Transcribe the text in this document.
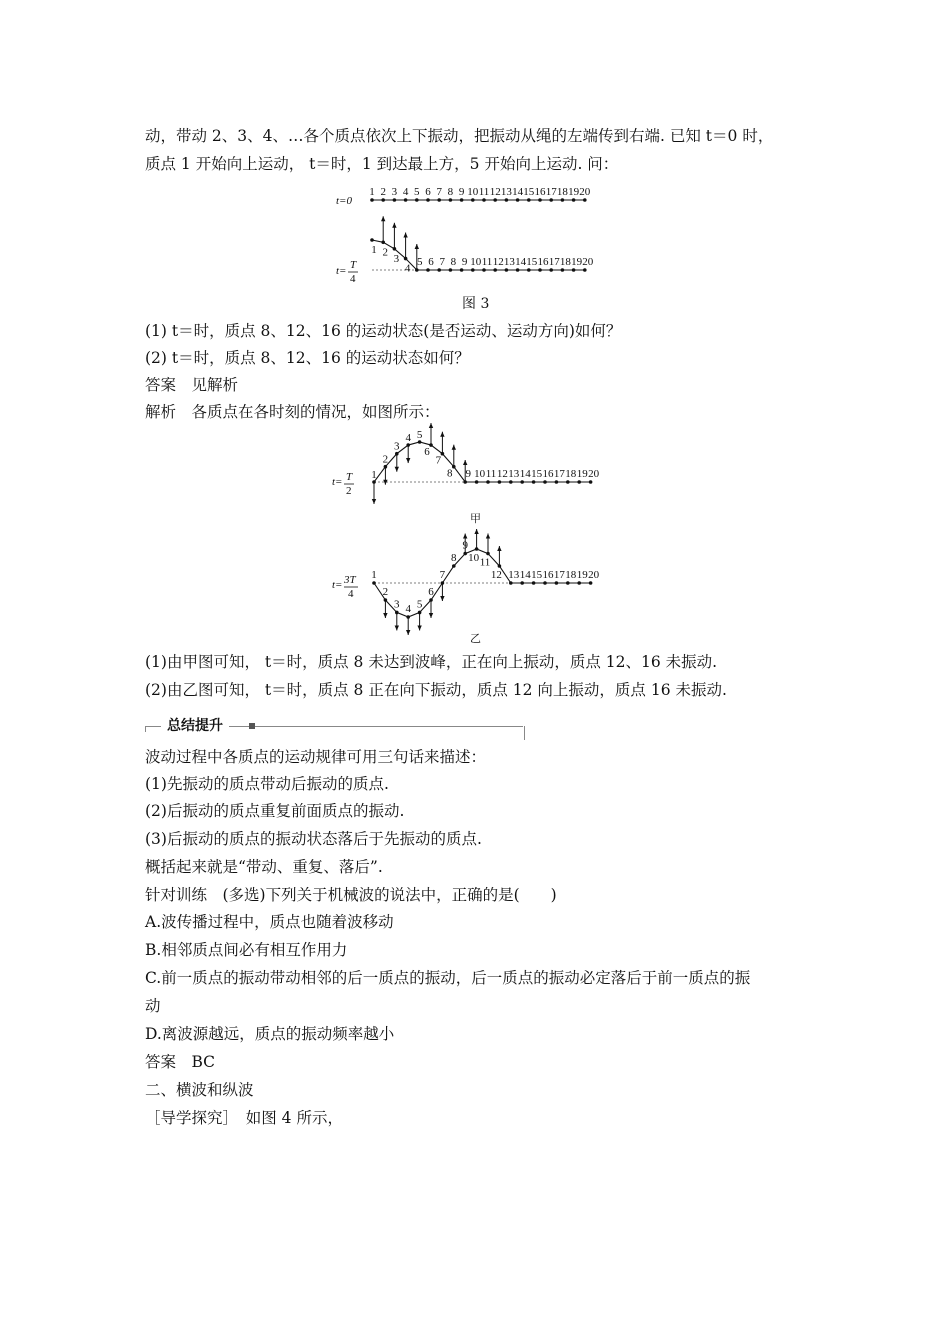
动，带动 2、3、4、…各个质点依次上下振动，把振动从绳的左端传到右端. 已知 t＝0 时，
质点 1 开始向上运动， t＝时，1 到达最上方，5 开始向上运动. 问：
t=0
t= T
4
1 2 3 4 5 6 7 8 9 10 11 12 13 14 15 16 17 18 19 20
1 2
3
4
5 6 7 8 9 10 11 12 13 14 15 16 17 18 19 20
图 3
(1) t＝时，质点 8、12、16 的运动状态(是否运动、运动方向)如何？
(2) t＝时，质点 8、12、16 的运动状态如何？
答案　见解析
解析　各质点在各时刻的情况，如图所示：
t= T
2
1
2
3
4 5
6
7
8 9 10 11 12 13 14 15 16 17 18 19 20
甲
t= 3T
4
1
2
3 4 5
6
7
8
9
10 11
12 13 14 15 16 17 18 19 20
乙
(1)由甲图可知， t＝时，质点 8 未达到波峰，正在向上振动，质点 12、16 未振动.
(2)由乙图可知， t＝时，质点 8 正在向下振动，质点 12 向上振动，质点 16 未振动.
总结提升
波动过程中各质点的运动规律可用三句话来描述：
(1)先振动的质点带动后振动的质点.
(2)后振动的质点重复前面质点的振动.
(3)后振动的质点的振动状态落后于先振动的质点.
概括起来就是“带动、重复、落后”.
针对训练　(多选)下列关于机械波的说法中，正确的是(　　)
A.波传播过程中，质点也随着波移动
B.相邻质点间必有相互作用力
C.前一质点的振动带动相邻的后一质点的振动，后一质点的振动必定落后于前一质点的振
动
D.离波源越远，质点的振动频率越小
答案　BC
二、横波和纵波
［导学探究］　如图 4 所示，
